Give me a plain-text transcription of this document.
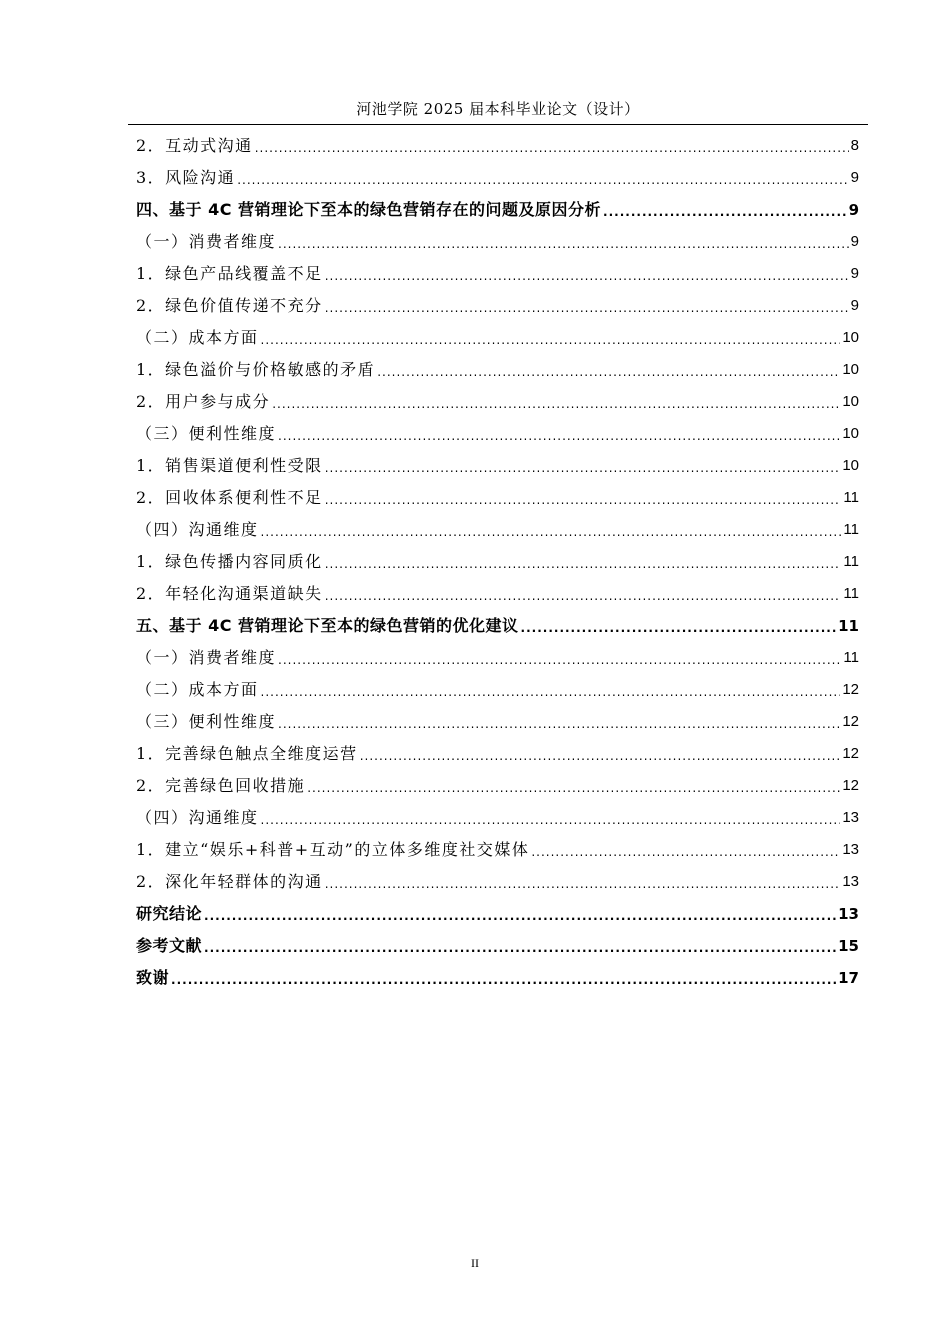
河池学院 2025 届本科毕业论文（设计）
2．互动式沟通 .....	8
3．风险沟通 .....	9
四、基于 4C 营销理论下至本的绿色营销存在的问题及原因分析 .....	9
（一）消费者维度 .....	9
1．绿色产品线覆盖不足 .....	9
2．绿色价值传递不充分 .....	9
（二）成本方面 .....	10
1．绿色溢价与价格敏感的矛盾 .....	10
2．用户参与成分 .....	10
（三）便利性维度 .....	10
1．销售渠道便利性受限 .....	10
2．回收体系便利性不足 .....	11
（四）沟通维度 .....	11
1．绿色传播内容同质化 .....	11
2．年轻化沟通渠道缺失 .....	11
五、基于 4C 营销理论下至本的绿色营销的优化建议 .....	11
（一）消费者维度 .....	11
（二）成本方面 .....	12
（三）便利性维度 .....	12
1．完善绿色触点全维度运营 .....	12
2．完善绿色回收措施 .....	12
（四）沟通维度 .....	13
1．建立“娱乐+科普+互动”的立体多维度社交媒体 .....	13
2．深化年轻群体的沟通 .....	13
研究结论 .....	13
参考文献 .....	15
致谢 .....	17
II
